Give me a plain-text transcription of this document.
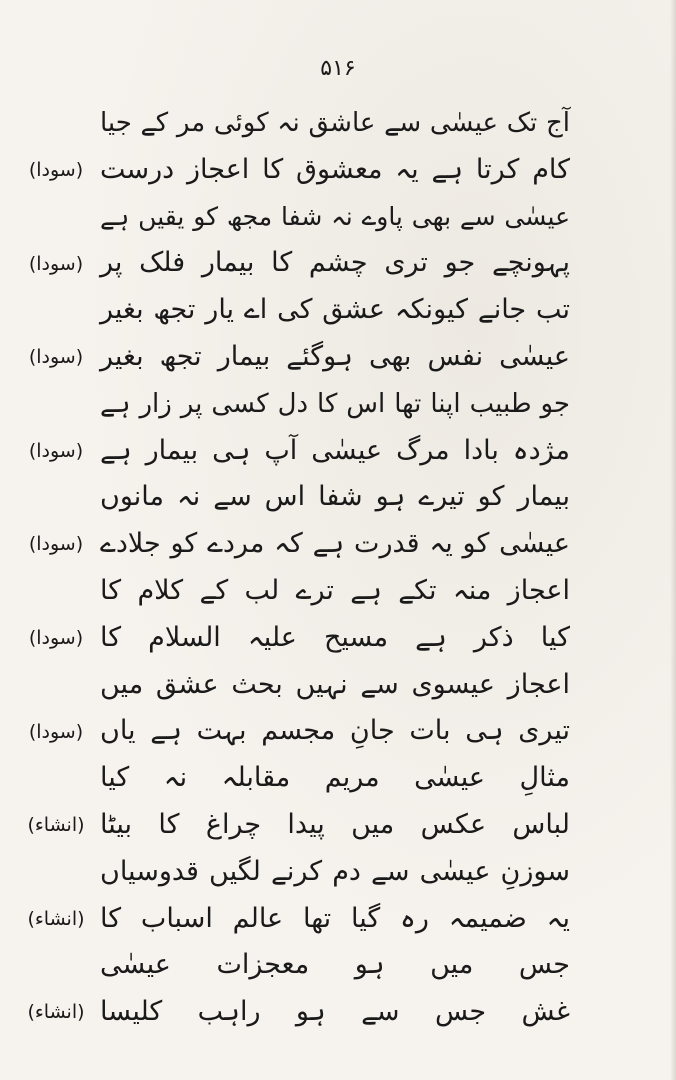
۵۱۶
آج تک عیسٰی سے عاشق نہ کوئی مر کے جیا
کام کرتا ہے یہ معشوق کا اعجاز درست
(سودا)
عیسٰی سے بھی پاوے نہ شفا مجھ کو یقیں ہے
پہونچے جو تری چشم کا بیمار فلک پر
(سودا)
تب جانے کیونکہ عشق کی اے یار تجھ بغیر
عیسٰی نفس بھی ہوگئے بیمار تجھ بغیر
(سودا)
جو طبیب اپنا تھا اس کا دل کسی پر زار ہے
مژدہ بادا مرگ عیسٰی آپ ہی بیمار ہے
(سودا)
بیمار کو تیرے ہو شفا اس سے نہ مانوں
عیسٰی کو یہ قدرت ہے کہ مردے کو جلادے
(سودا)
اعجاز منہ تکے ہے ترے لب کے کلام کا
کیا ذکر ہے مسیح علیہ السلام کا
(سودا)
اعجاز عیسوی سے نہیں بحث عشق میں
تیری ہی بات جانِ مجسم بہت ہے یاں
(سودا)
مثالِ عیسٰی مریم مقابلہ نہ کیا
لباس عکس میں پیدا چراغ کا بیٹا
(انشاء)
سوزنِ عیسٰی سے دم کرنے لگیں قدوسیاں
یہ ضمیمہ رہ گیا تھا عالم اسباب کا
(انشاء)
جس میں ہو معجزات عیسٰی
غش جس سے ہو راہب کلیسا
(انشاء)
